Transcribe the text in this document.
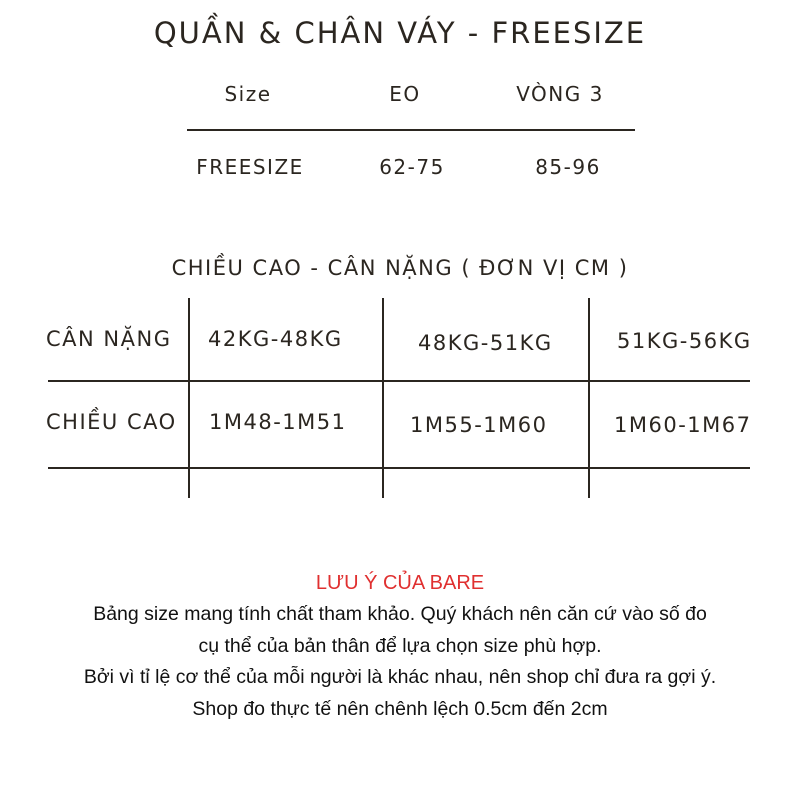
QUẦN & CHÂN VÁY - FREESIZE
Size	EO	VÒNG 3
FREESIZE	62-75	85-96
CHIỀU CAO - CÂN NẶNG ( ĐƠN VỊ CM )
CÂN NẶNG 42KG-48KG	48KG-51KG	51KG-56KG
CHIỀU CAO 1M48-1M51	1M55-1M60	1M60-1M67
LƯU Ý CỦA BARE
Bảng size mang tính chất tham khảo. Quý khách nên căn cứ vào số đo
cụ thể của bản thân để lựa chọn size phù hợp.
Bởi vì tỉ lệ cơ thể của mỗi người là khác nhau, nên shop chỉ đưa ra gợi ý.
Shop đo thực tế nên chênh lệch 0.5cm đến 2cm
